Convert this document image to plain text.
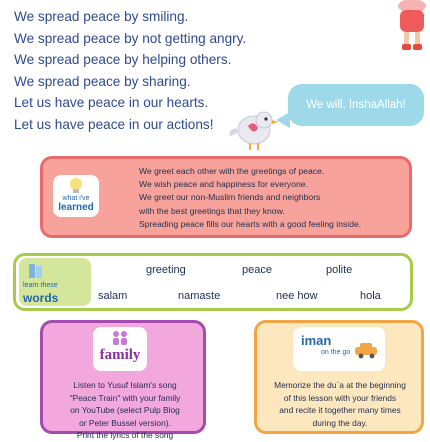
We spread peace by smiling.
We spread peace by not getting angry.
We spread peace by helping others.
We spread peace by sharing.
Let us have peace in our hearts.
Let us have peace in our actions!
We will, InshaAllah!
what i've
learned
We greet each other with the greetings of peace.
We wish peace and happiness for everyone.
We greet our non-Muslim friends and neighbors
with the best greetings that they know.
Spreading peace fills our hearts with a good feeling inside.
learn these
words
greeting	peace	polite
salam	namaste	nee how	hola
family
Listen to Yusuf Islam's song
"Peace Train" with your family
on YouTube (select Pulp Blog
or Peter Bussel version).
Print the lyrics of the song
iman
on the go
Memorize the du`a at the beginning
of this lesson with your friends
and recite it together many times
during the day.
